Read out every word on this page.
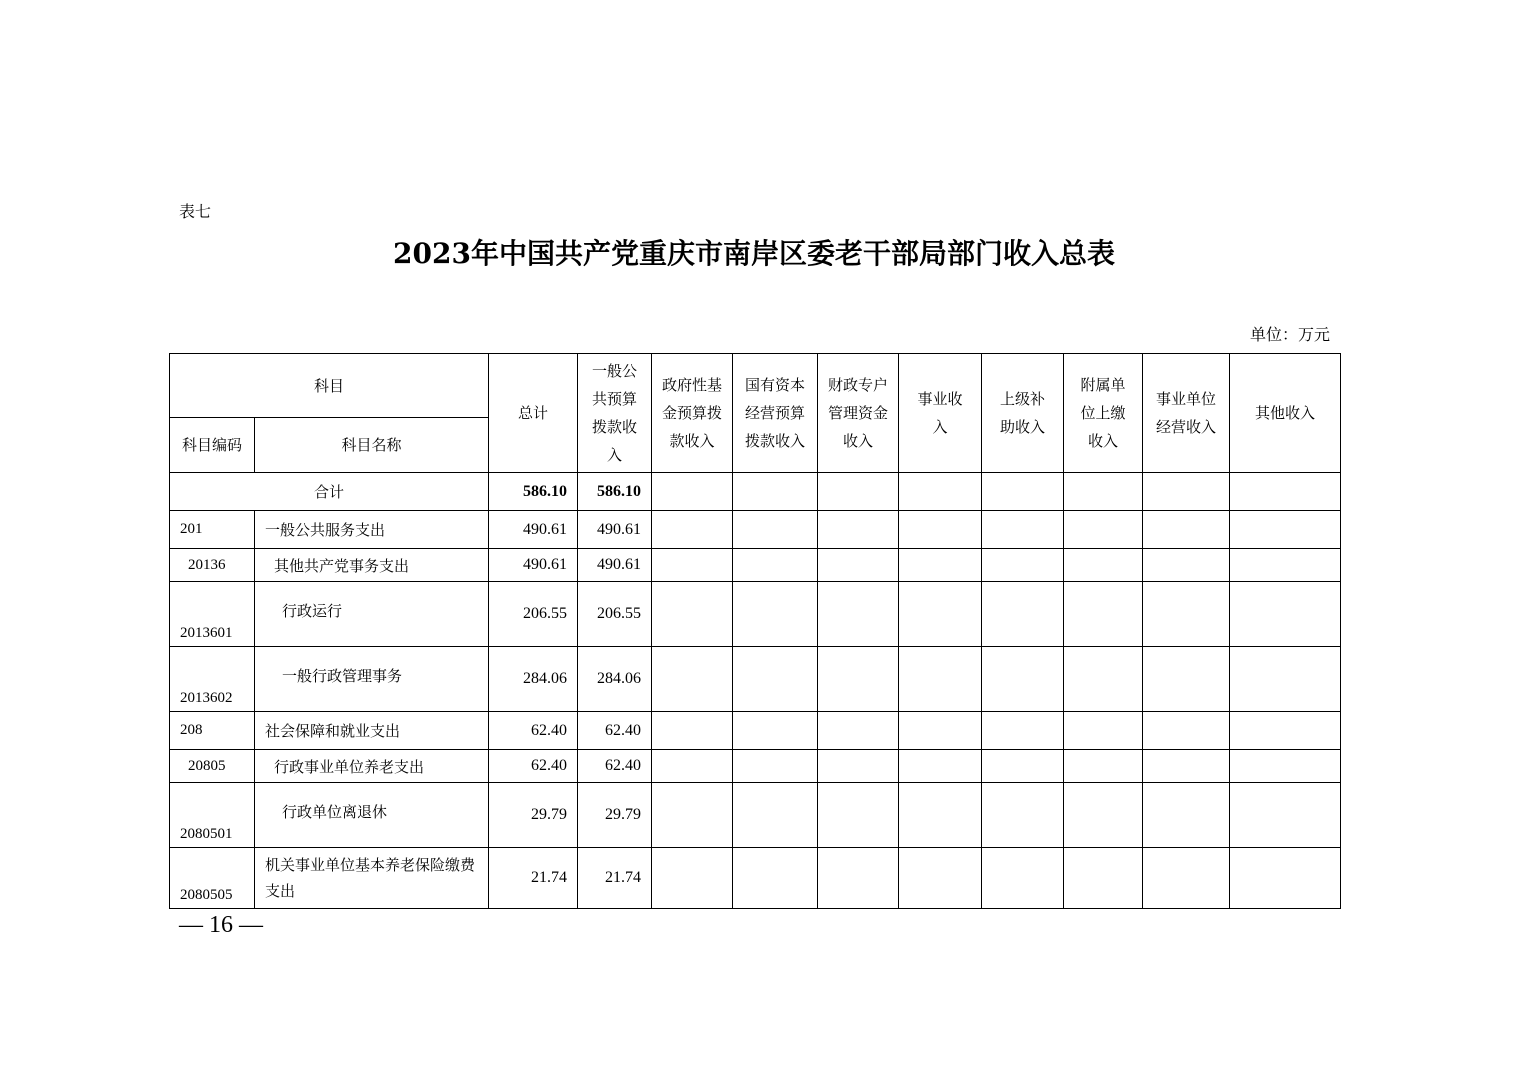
表七
2023年中国共产党重庆市南岸区委老干部局部门收入总表
单位：万元
科目		总计	一般公共预算拨款收入	政府性基金预算拨款收入	国有资本经营预算拨款收入	财政专户管理资金收入	事业收入	上级补助收入	附属单位上缴收入	事业单位经营收入	其他收入
科目编码	科目名称										
合计		586.10	586.10								
201	一般公共服务支出	490.61	490.61								
20136	其他共产党事务支出	490.61	490.61								
2013601	行政运行	206.55	206.55								
2013602	一般行政管理事务	284.06	284.06								
208	社会保障和就业支出	62.40	62.40								
20805	行政事业单位养老支出	62.40	62.40								
2080501	行政单位离退休	29.79	29.79								
2080505	机关事业单位基本养老保险缴费支出	21.74	21.74								
— 16 —
